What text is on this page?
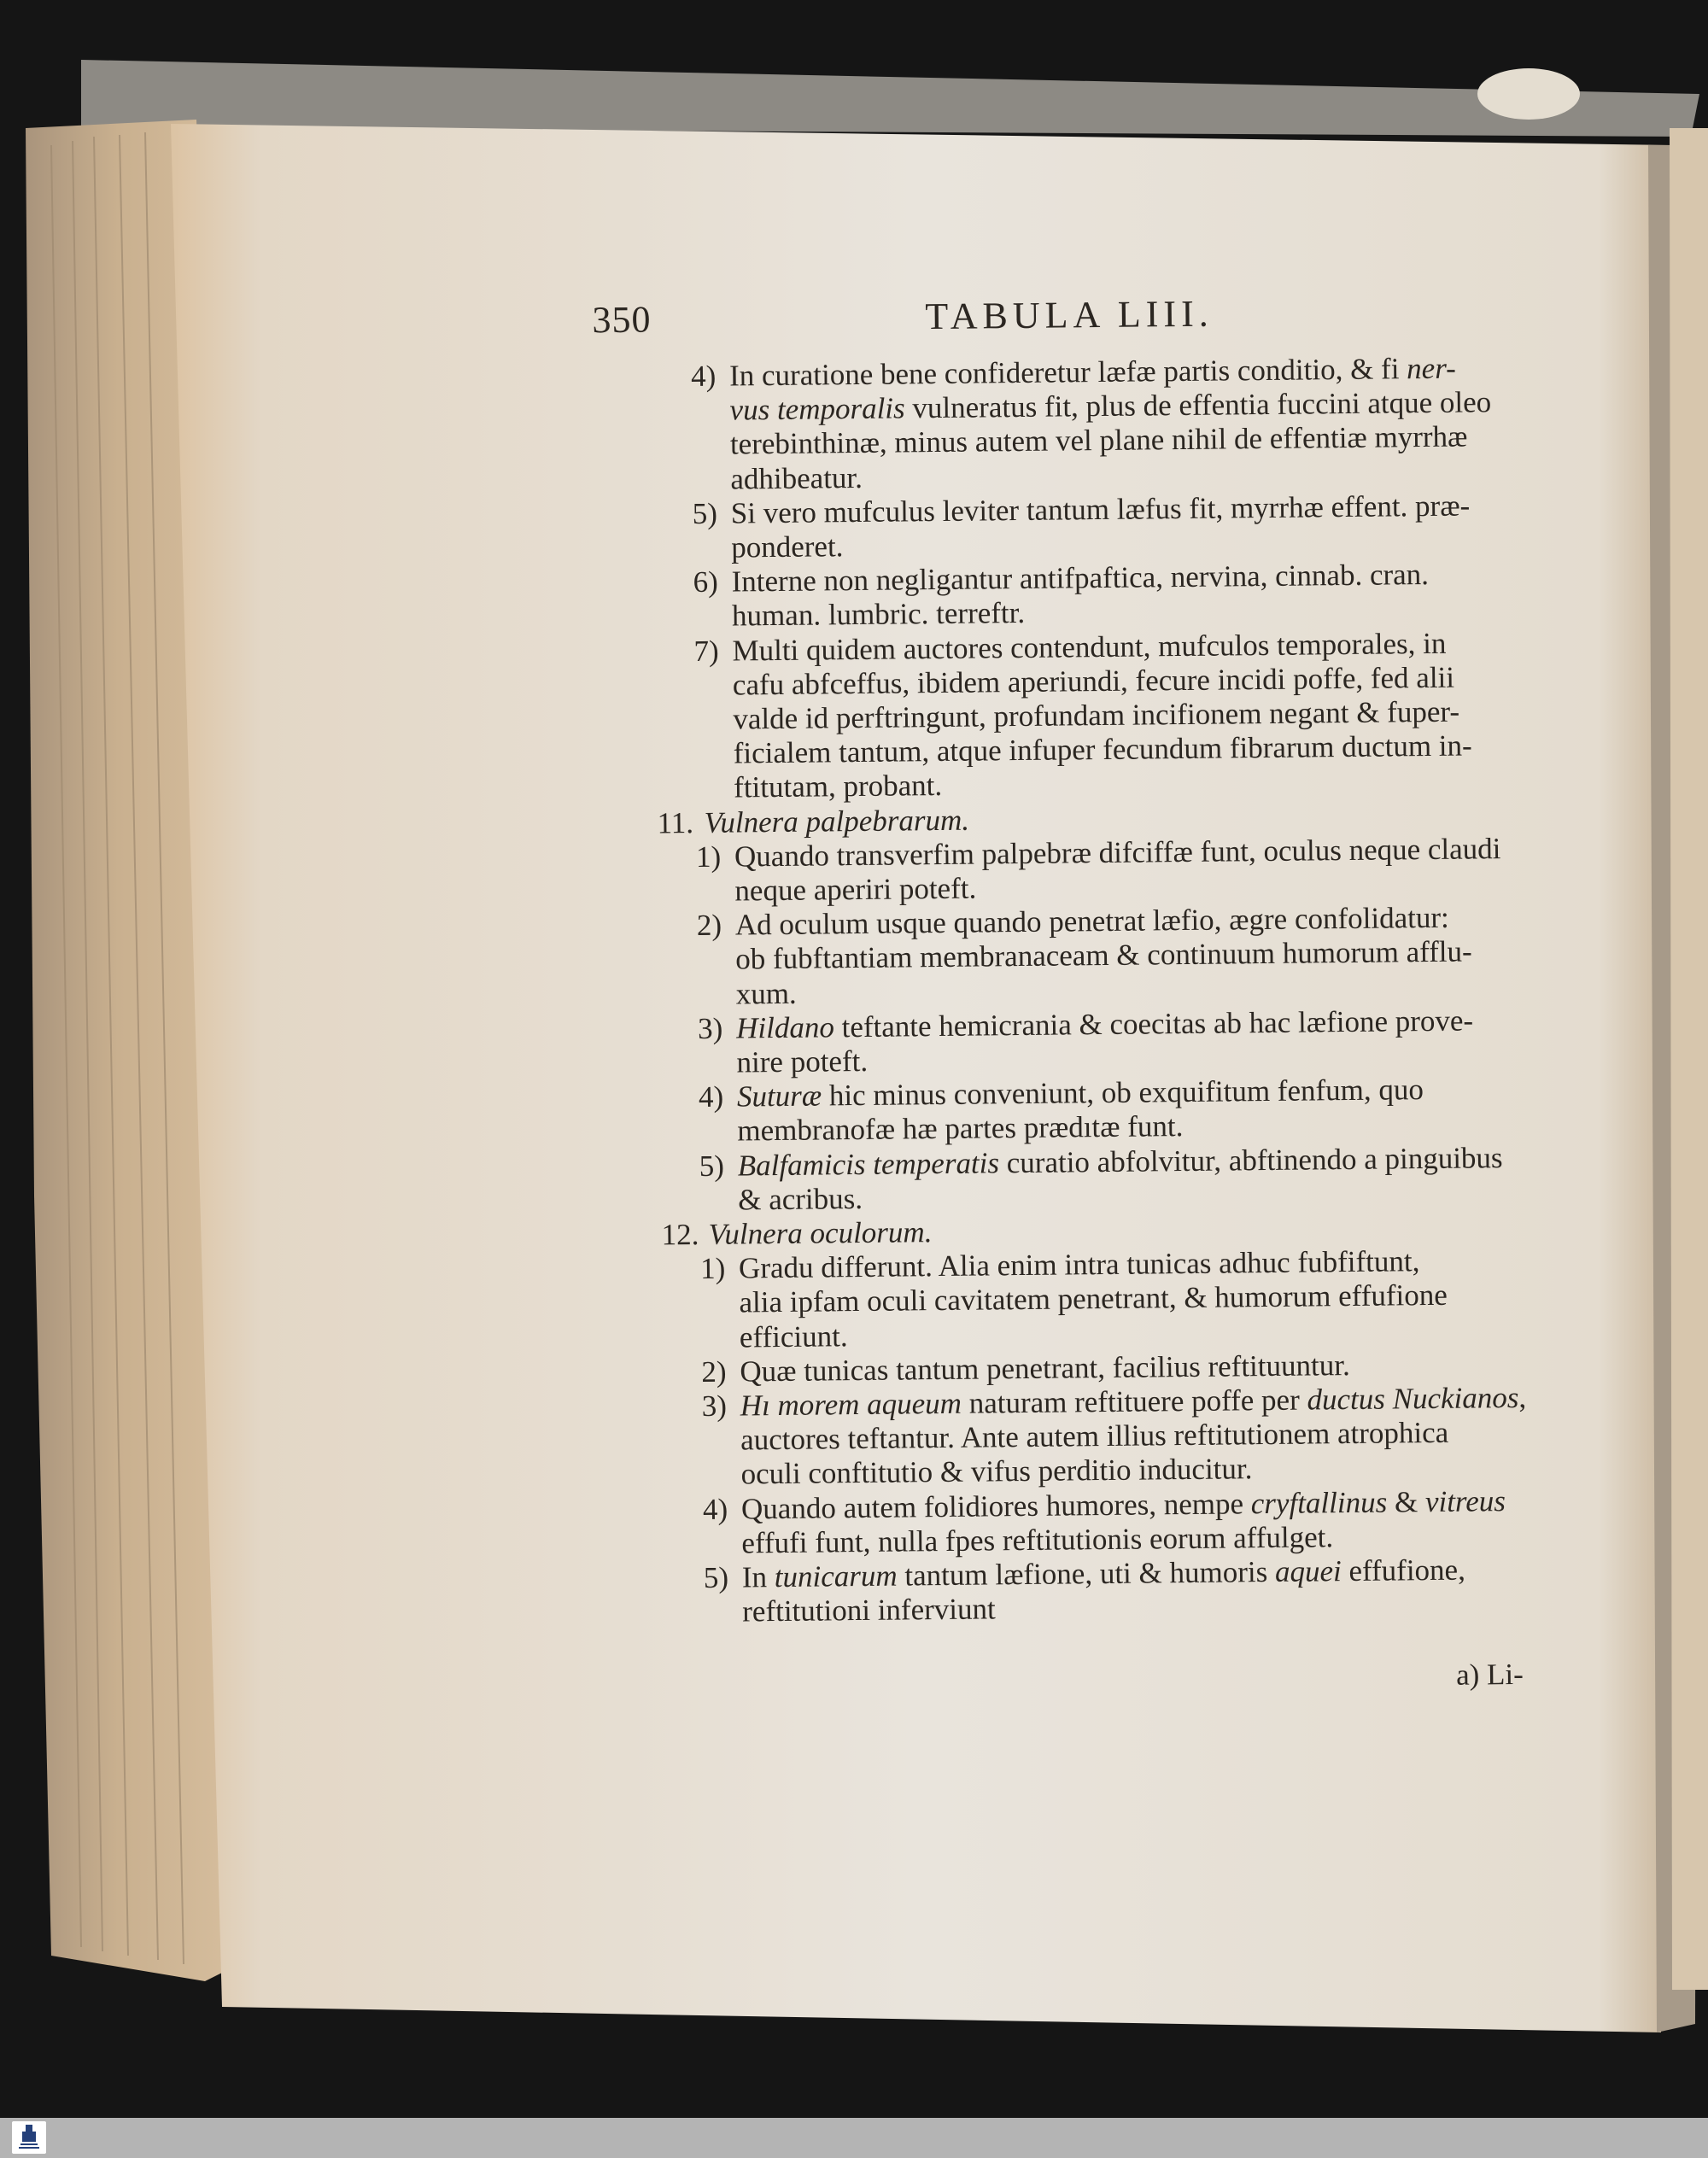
350	TABULA LIII.
4) In curatione bene confideretur læfæ partis conditio, & fi ner-
vus temporalis vulneratus fit, plus de effentia fuccini atque oleo
terebinthinæ, minus autem vel plane nihil de effentiæ myrrhæ
adhibeatur.
5) Si vero mufculus leviter tantum læfus fit, myrrhæ effent. præ-
ponderet.
6) Interne non negligantur antifpaftica, nervina, cinnab. cran.
human. lumbric. terreftr.
7) Multi quidem auctores contendunt, mufculos temporales, in
cafu abfceffus, ibidem aperiundi, fecure incidi poffe, fed alii
valde id perftringunt, profundam incifionem negant & fuper-
ficialem tantum, atque infuper fecundum fibrarum ductum in-
ftitutam, probant.
11. Vulnera palpebrarum.
1) Quando transverfim palpebræ difciffæ funt, oculus neque claudi
neque aperiri poteft.
2) Ad oculum usque quando penetrat læfio, ægre confolidatur:
ob fubftantiam membranaceam & continuum humorum afflu-
xum.
3) Hildano teftante hemicrania & coecitas ab hac læfione prove-
nire poteft.
4) Suturæ hic minus conveniunt, ob exquifitum fenfum, quo
membranofæ hæ partes prædıtæ funt.
5) Balfamicis temperatis curatio abfolvitur, abftinendo a pinguibus
& acribus.
12. Vulnera oculorum.
1) Gradu differunt. Alia enim intra tunicas adhuc fubfiftunt,
alia ipfam oculi cavitatem penetrant, & humorum effufione
efficiunt.
2) Quæ tunicas tantum penetrant, facilius reftituuntur.
3) Hı morem aqueum naturam reftituere poffe per ductus Nuckianos,
auctores teftantur. Ante autem illius reftitutionem atrophica
oculi conftitutio & vifus perditio inducitur.
4) Quando autem folidiores humores, nempe cryftallinus & vitreus
effufi funt, nulla fpes reftitutionis eorum affulget.
5) In tunicarum tantum læfione, uti & humoris aquei effufione,
reftitutioni inferviunt
a) Li-
